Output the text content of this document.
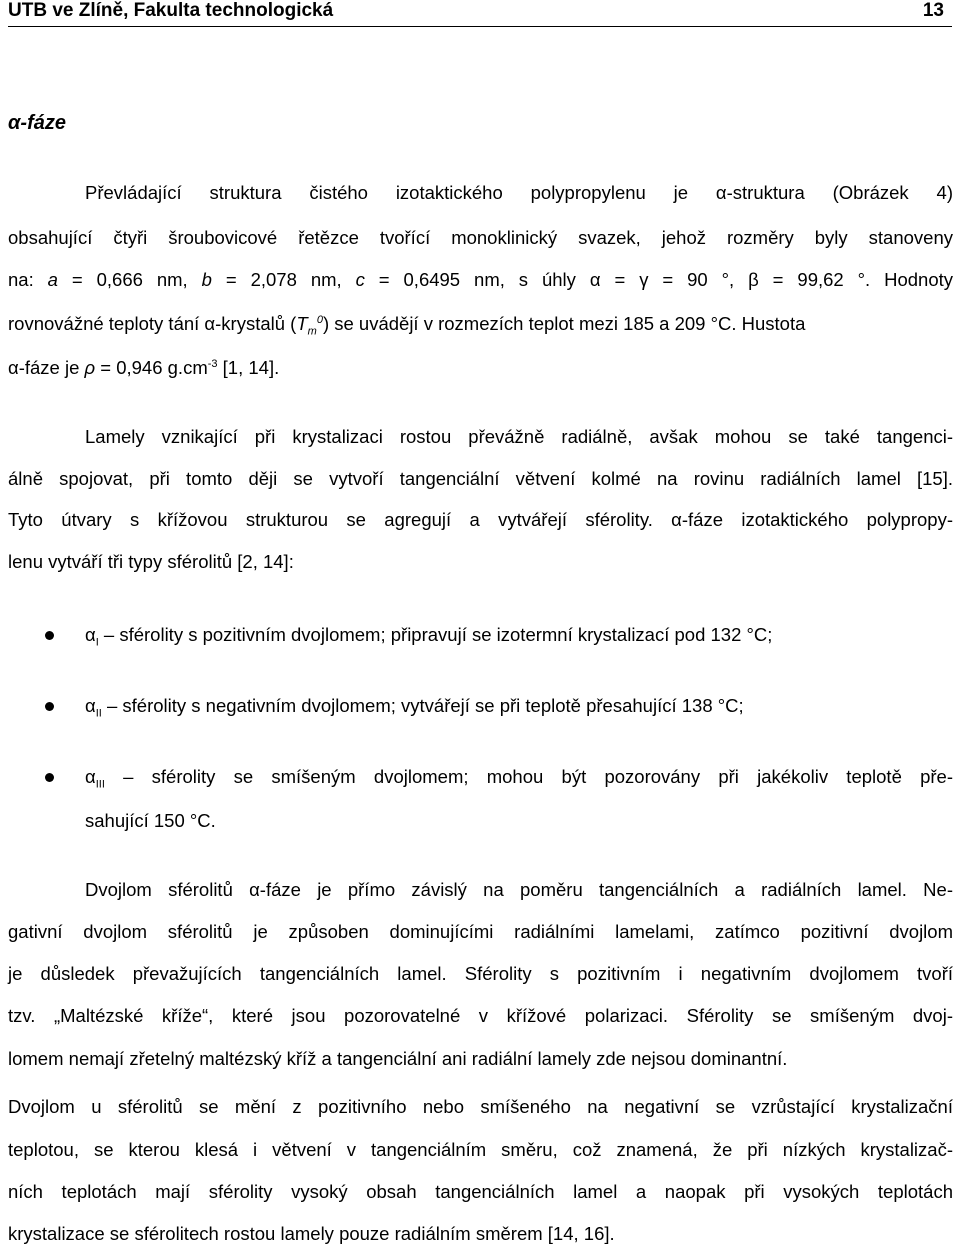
UTB ve Zlíně, Fakulta technologická	13
α-fáze
Převládající struktura čistého izotaktického polypropylenu je α-struktura (Obrázek 4)
obsahující čtyři šroubovicové řetězce tvořící monoklinický svazek, jehož rozměry byly stanoveny
na: a = 0,666 nm, b = 2,078 nm, c = 0,6495 nm, s úhly α = γ = 90 °, β = 99,62 °. Hodnoty
rovnovážné teploty tání α-krystalů $(T_m^0)$ se uvádějí v rozmezích teplot mezi 185 a 209 °C. Hustota
α-fáze je ρ = 0,946 $g.cm^{-3}$ [1, 14].
Lamely vznikající při krystalizaci rostou převážně radiálně, avšak mohou se také tangenci-
álně spojovat, při tomto ději se vytvoří tangenciální větvení kolmé na rovinu radiálních lamel [15].
Tyto útvary s křížovou strukturou se agregují a vytvářejí sférolity. α-fáze izotaktického polypropy-
lenu vytváří tři typy sférolitů [2, 14]:
$\alpha_I$ – sférolity s pozitivním dvojlomem; připravují se izotermní krystalizací pod 132 °C;
$\alpha_{II}$ – sférolity s negativním dvojlomem; vytvářejí se při teplotě přesahující 138 °C;
$\alpha_{III}$ – sférolity se smíšeným dvojlomem; mohou být pozorovány při jakékoliv teplotě pře-
sahující 150 °C.
Dvojlom sférolitů α-fáze je přímo závislý na poměru tangenciálních a radiálních lamel. Ne-
gativní dvojlom sférolitů je způsoben dominujícími radiálními lamelami, zatímco pozitivní dvojlom
je důsledek převažujících tangenciálních lamel. Sférolity s pozitivním i negativním dvojlomem tvoří
tzv. „Maltézské kříže“, které jsou pozorovatelné v křížové polarizaci. Sférolity se smíšeným dvoj-
lomem nemají zřetelný maltézský kříž a tangenciální ani radiální lamely zde nejsou dominantní.
Dvojlom u sférolitů se mění z pozitivního nebo smíšeného na negativní se vzrůstající krystalizační
teplotou, se kterou klesá i větvení v tangenciálním směru, což znamená, že při nízkých krystalizač-
ních teplotách mají sférolity vysoký obsah tangenciálních lamel a naopak při vysokých teplotách
krystalizace se sférolitech rostou lamely pouze radiálním směrem [14, 16].
